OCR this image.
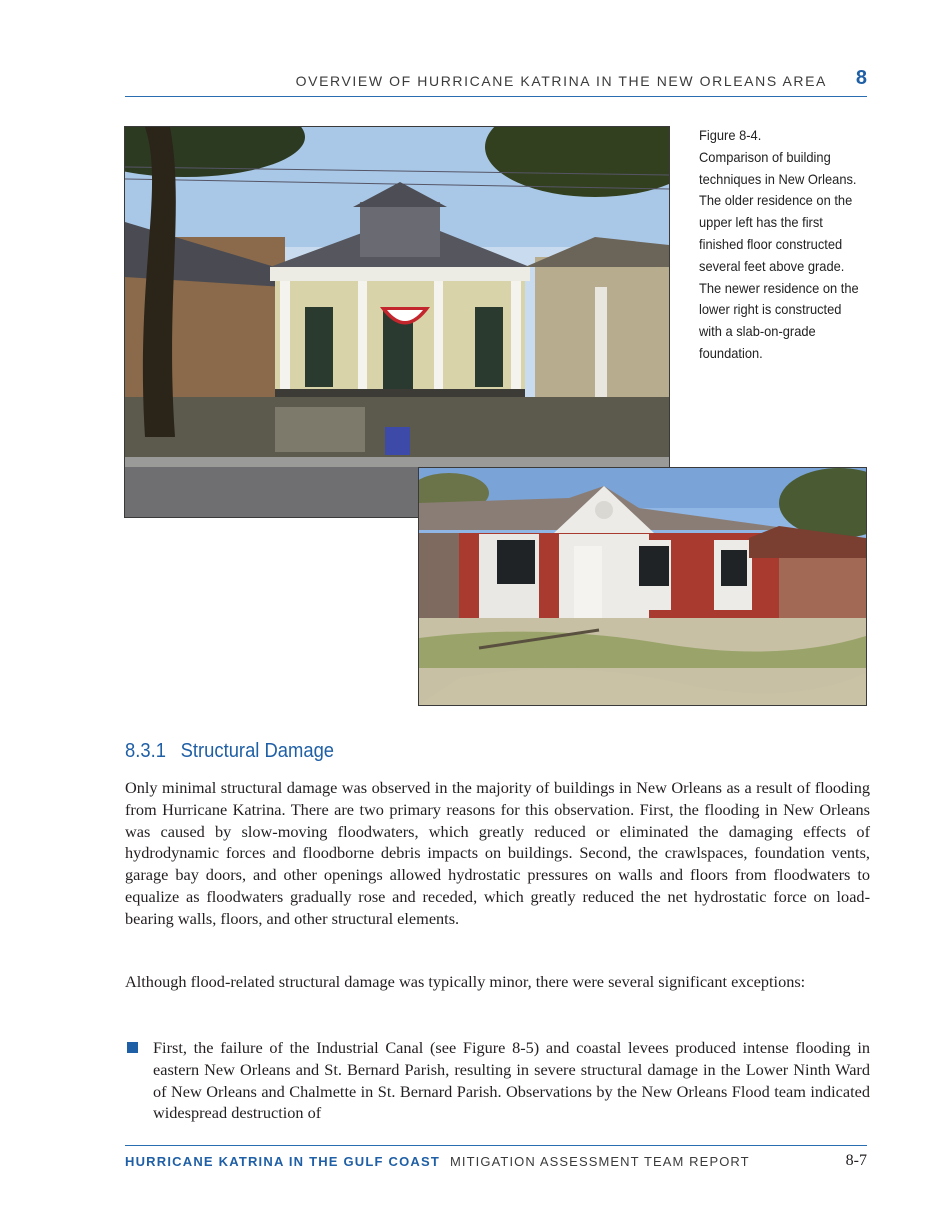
OVERVIEW OF HURRICANE KATRINA IN THE NEW ORLEANS AREA 8
Figure 8-4.
Comparison of building techniques in New Orleans. The older residence on the upper left has the first finished floor constructed several feet above grade. The newer residence on the lower right is constructed with a slab-on-grade foundation.
8.3.1 Structural Damage

Only minimal structural damage was observed in the majority of buildings in New Orleans as a result of flooding from Hurricane Katrina. There are two primary reasons for this observation. First, the flooding in New Orleans was caused by slow-moving floodwaters, which greatly reduced or eliminated the damaging effects of hydrodynamic forces and floodborne debris impacts on buildings. Second, the crawlspaces, foundation vents, garage bay doors, and other openings allowed hydrostatic pressures on walls and floors from floodwaters to equalize as floodwaters gradually rose and receded, which greatly reduced the net hydrostatic force on load-bearing walls, floors, and other structural elements.

Although flood-related structural damage was typically minor, there were several significant exceptions:

First, the failure of the Industrial Canal (see Figure 8-5) and coastal levees produced intense flooding in eastern New Orleans and St. Bernard Parish, resulting in severe structural damage in the Lower Ninth Ward of New Orleans and Chalmette in St. Bernard Parish. Observations by the New Orleans Flood team indicated widespread destruction of

HURRICANE KATRINA IN THE GULF COAST MITIGATION ASSESSMENT TEAM REPORT	8-7
